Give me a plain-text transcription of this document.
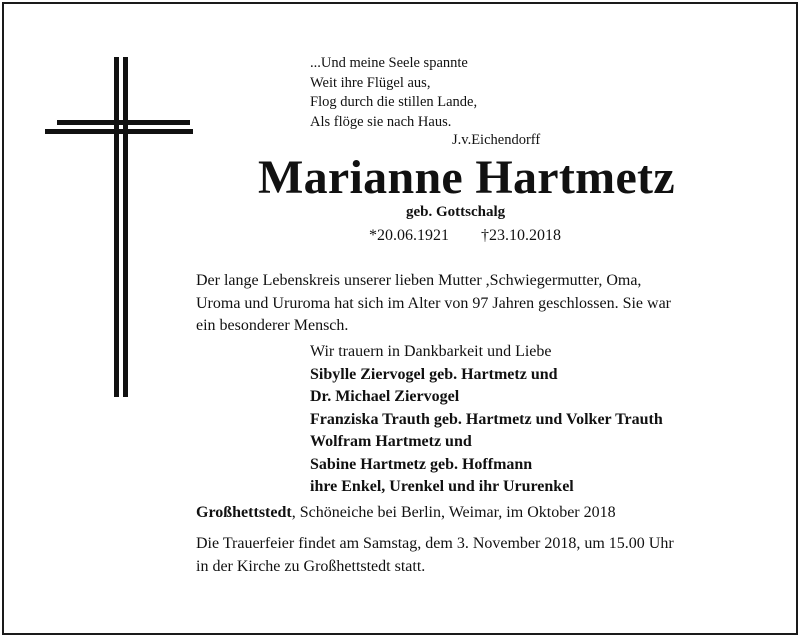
...Und meine Seele spannte
Weit ihre Flügel aus,
Flog durch die stillen Lande,
Als flöge sie nach Haus.
J.v.Eichendorff
Marianne Hartmetz
geb. Gottschalg
*20.06.1921 †23.10.2018
Der lange Lebenskreis unserer lieben Mutter ,Schwiegermutter, Oma,
Uroma und Ururoma hat sich im Alter von 97 Jahren geschlossen. Sie war
ein besonderer Mensch.
Wir trauern in Dankbarkeit und Liebe
Sibylle Ziervogel geb. Hartmetz und
Dr. Michael Ziervogel
Franziska Trauth geb. Hartmetz und Volker Trauth
Wolfram Hartmetz und
Sabine Hartmetz geb. Hoffmann
ihre Enkel, Urenkel und ihr Ururenkel
Großhettstedt, Schöneiche bei Berlin, Weimar, im Oktober 2018
Die Trauerfeier findet am Samstag, dem 3. November 2018, um 15.00 Uhr
in der Kirche zu Großhettstedt statt.
